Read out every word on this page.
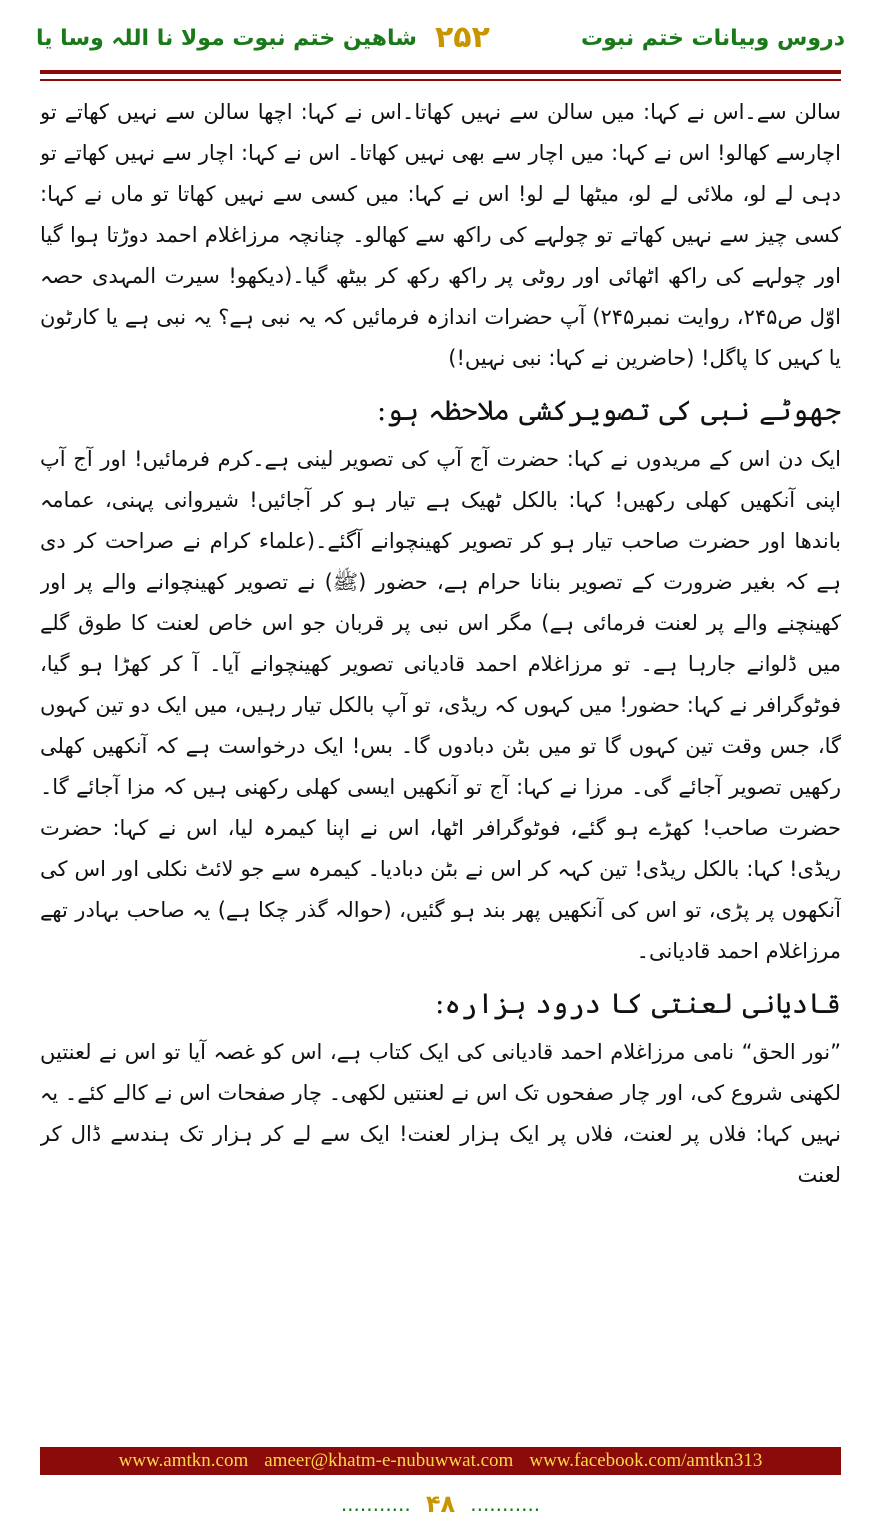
شاھین ختم نبوت مولا نا اللہ وسا یا ۲۵۲	دروس وبیانات ختم نبوت

سالن سے۔اس نے کہا: میں سالن سے نہیں کھاتا۔اس نے کہا: اچھا سالن سے نہیں کھاتے تو اچارسے کھالو! اس نے کہا: میں اچار سے بھی نہیں کھاتا۔ اس نے کہا: اچار سے نہیں کھاتے تو دہی لے لو، ملائی لے لو، میٹھا لے لو! اس نے کہا: میں کسی سے نہیں کھاتا تو ماں نے کہا: کسی چیز سے نہیں کھاتے تو چولہے کی راکھ سے کھالو۔ چنانچہ مرزاغلام احمد دوڑتا ہوا گیا اور چولہے کی راکھ اٹھائی اور روٹی پر راکھ رکھ کر بیٹھ گیا۔(دیکھو! سیرت المہدی حصہ اوّل ص۲۴۵، روایت نمبر۲۴۵) آپ حضرات اندازہ فرمائیں کہ یہ نبی ہے؟ یہ نبی ہے یا کارٹون یا کہیں کا پاگل! (حاضرین نے کہا: نبی نہیں!)

جھوٹے نبی کی تصویرکشی ملاحظہ ہو:

ایک دن اس کے مریدوں نے کہا: حضرت آج آپ کی تصویر لینی ہے۔کرم فرمائیں! اور آج آپ اپنی آنکھیں کھلی رکھیں! کہا: بالکل ٹھیک ہے تیار ہو کر آجائیں! شیروانی پہنی، عمامہ باندھا اور حضرت صاحب تیار ہو کر تصویر کھینچوانے آگئے۔(علماء کرام نے صراحت کر دی ہے کہ بغیر ضرورت کے تصویر بنانا حرام ہے، حضور (ﷺ) نے تصویر کھینچوانے والے پر اور کھینچنے والے پر لعنت فرمائی ہے) مگر اس نبی پر قربان جو اس خاص لعنت کا طوق گلے میں ڈلوانے جارہا ہے۔ تو مرزاغلام احمد قادیانی تصویر کھینچوانے آیا۔ آ کر کھڑا ہو گیا، فوٹوگرافر نے کہا: حضور! میں کہوں کہ ریڈی، تو آپ بالکل تیار رہیں، میں ایک دو تین کہوں گا، جس وقت تین کہوں گا تو میں بٹن دبادوں گا۔ بس! ایک درخواست ہے کہ آنکھیں کھلی رکھیں تصویر آجائے گی۔ مرزا نے کہا: آج تو آنکھیں ایسی کھلی رکھنی ہیں کہ مزا آجائے گا۔ حضرت صاحب! کھڑے ہو گئے، فوٹوگرافر اٹھا، اس نے اپنا کیمرہ لیا، اس نے کہا: حضرت ریڈی! کہا: بالکل ریڈی! تین کہہ کر اس نے بٹن دبادیا۔ کیمرہ سے جو لائٹ نکلی اور اس کی آنکھوں پر پڑی، تو اس کی آنکھیں پھر بند ہو گئیں، (حوالہ گذر چکا ہے) یہ صاحب بہادر تھے مرزاغلام احمد قادیانی۔

قادیانی لعنتی کا درود ہزارہ:

”نور الحق“ نامی مرزاغلام احمد قادیانی کی ایک کتاب ہے، اس کو غصہ آیا تو اس نے لعنتیں لکھنی شروع کی، اور چار صفحوں تک اس نے لعنتیں لکھی۔ چار صفحات اس نے کالے کئے۔ یہ نہیں کہا: فلاں پر لعنت، فلاں پر ایک ہزار لعنت! ایک سے لے کر ہزار تک ہندسے ڈال کر لعنت

www.amtkn.com ameer@khatm-e-nubuwwat.com www.facebook.com/amtkn313
........... ۴۸ ...........
